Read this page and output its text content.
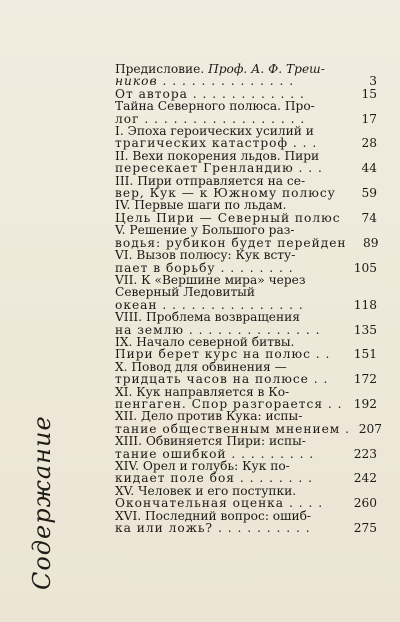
Содержание
Предисловие. Проф. А. Ф. Треш-
ников . . . . . . . . . . . . . .	3
От автора . . . . . . . . . . . .	15
Тайна Северного полюса. Про-
лог . . . . . . . . . . . . . . . . .	17
I. Эпоха героических усилий и
трагических катастроф . . .	28
II. Вехи покорения льдов. Пири
пересекает Гренландию . . .	44
III. Пири отправляется на се-
вер, Кук — к Южному полюсу	59
IV. Первые шаги по льдам.
Цель Пири — Северный полюс	74
V. Решение у Большого раз-
водья: рубикон будет перейден	89
VI. Вызов полюсу: Кук всту-
пает в борьбу . . . . . . . .	105
VII. К «Вершине мира» через
Северный Ледовитый
океан . . . . . . . . . . . . . . .	118
VIII. Проблема возвращения
на землю . . . . . . . . . . . . . .	135
IX. Начало северной битвы.
Пири берет курс на полюс . .	151
X. Повод для обвинения —
тридцать часов на полюсе . .	172
XI. Кук направляется в Ко-
пенгаген. Спор разгорается . . 192
XII. Дело против Кука: испы-
тание общественным мнением . 207
XIII. Обвиняется Пири: испы-
тание ошибкой . . . . . . . . .	223
XIV. Орел и голубь: Кук по-
кидает поле боя . . . . . . . .	242
XV. Человек и его поступки.
Окончательная оценка . . . .	260
XVI. Последний вопрос: ошиб-
ка или ложь? . . . . . . . . . .	275
